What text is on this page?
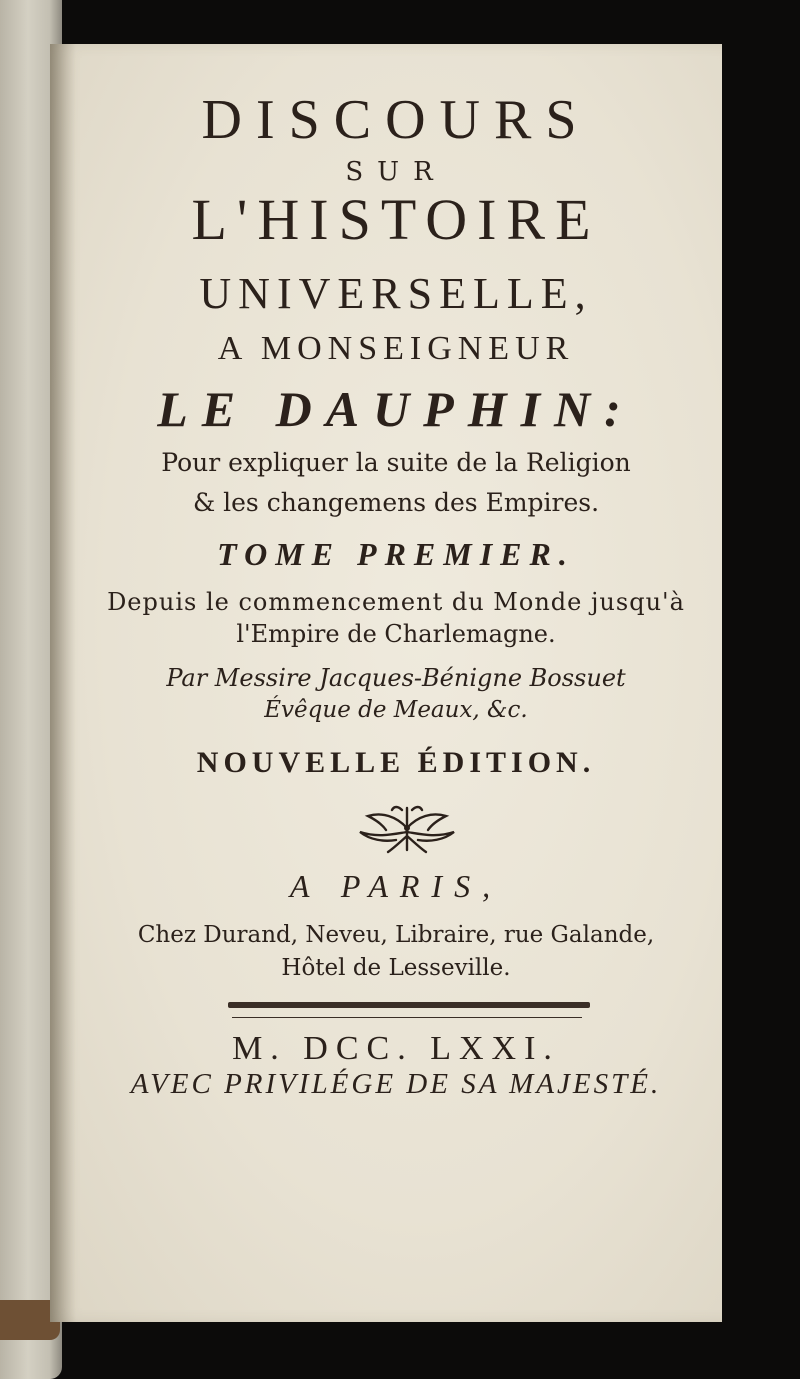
DISCOURS
SUR
L'HISTOIRE
UNIVERSELLE,
A MONSEIGNEUR
LE DAUPHIN:
Pour expliquer la suite de la Religion
& les changemens des Empires.
TOME PREMIER.
Depuis le commencement du Monde jusqu'à
l'Empire de Charlemagne.
Par Messire Jacques-Bénigne Bossuet
Évêque de Meaux, &c.
NOUVELLE ÉDITION.
A PARIS,
Chez Durand, Neveu, Libraire, rue Galande,
Hôtel de Lesseville.
M. DCC. LXXI.
AVEC PRIVILÉGE DE SA MAJESTÉ.
